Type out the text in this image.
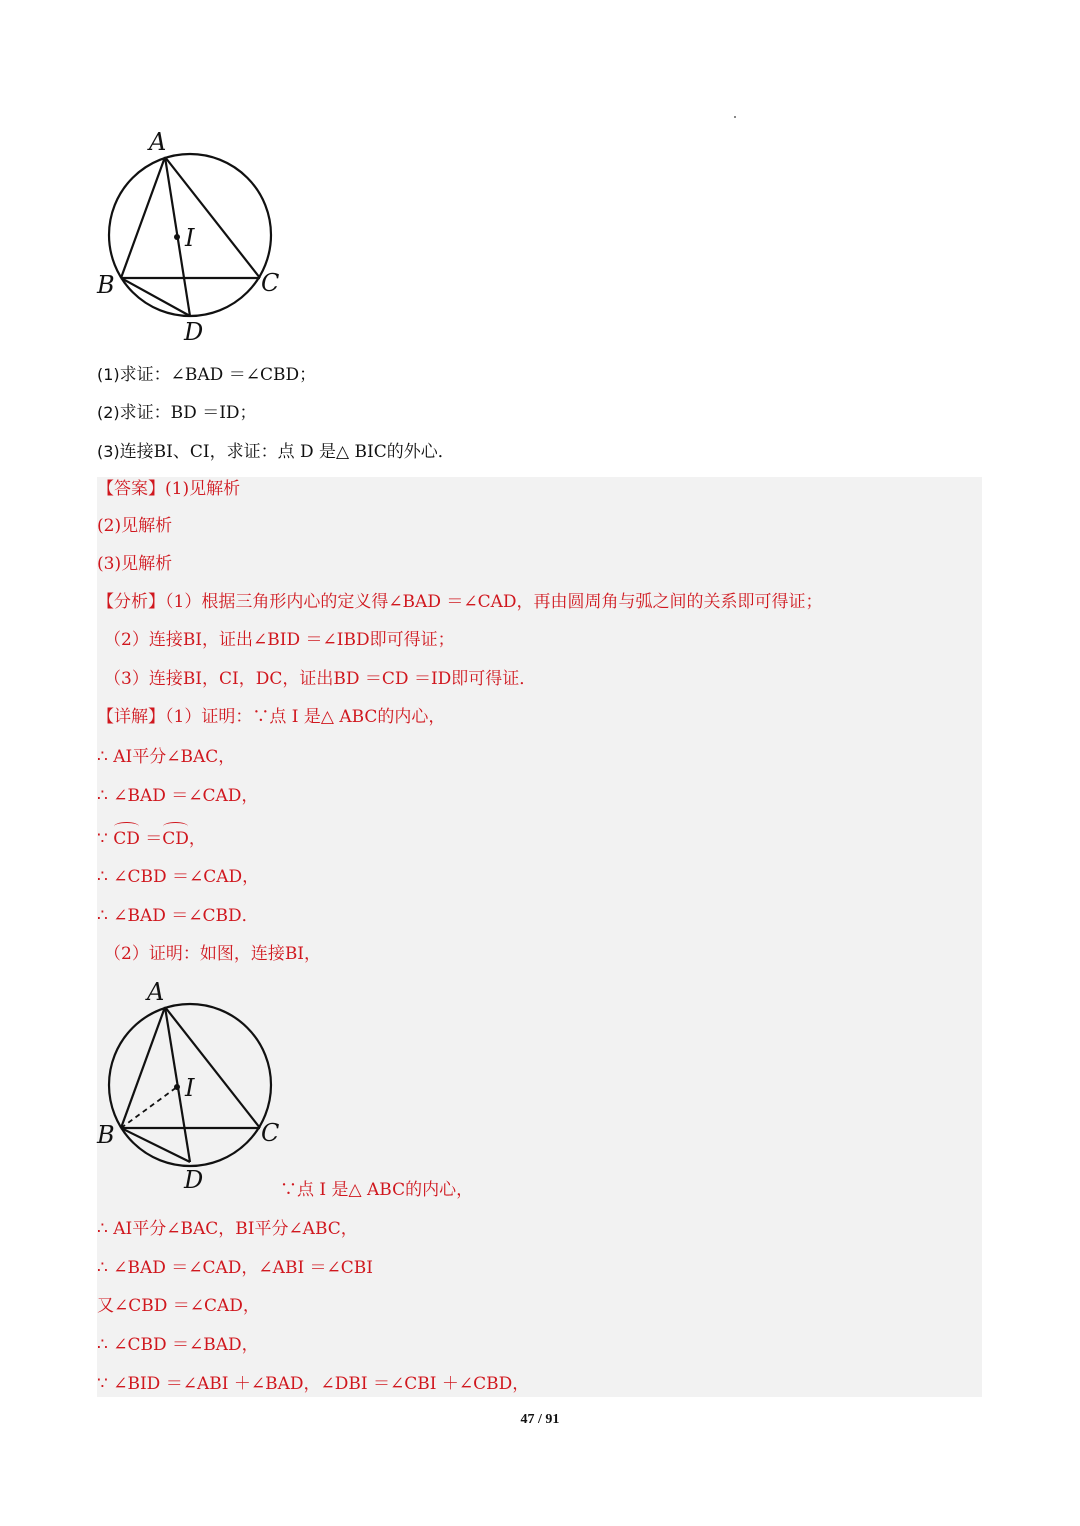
A
I
B	C
D
(1)求证：∠BAD ＝∠CBD；
(2)求证：BD ＝ID；
(3)连接BI、CI，求证：点 D 是△ BIC的外心．
【答案】(1)见解析
(2)见解析
(3)见解析
【分析】（1）根据三角形内心的定义得∠BAD ＝∠CAD，再由圆周角与弧之间的关系即可得证；
（2）连接BI，证出∠BID ＝∠IBD即可得证；
（3）连接BI，CI，DC，证出BD ＝CD ＝ID即可得证．
【详解】（1）证明：∵点 I 是△ ABC的内心，
∴ AI平分∠BAC，
∴ ∠BAD ＝∠CAD，
∵ CD ＝CD，
∴ ∠CBD ＝∠CAD，
∴ ∠BAD ＝∠CBD．
（2）证明：如图，连接BI，
A
I
B	C
D	∵点 I 是△ ABC的内心，
∴ AI平分∠BAC，BI平分∠ABC，
∴ ∠BAD ＝∠CAD，∠ABI ＝∠CBI
又∠CBD ＝∠CAD，
∴ ∠CBD ＝∠BAD，
∵ ∠BID ＝∠ABI ＋∠BAD，∠DBI ＝∠CBI ＋∠CBD，
47 / 91
